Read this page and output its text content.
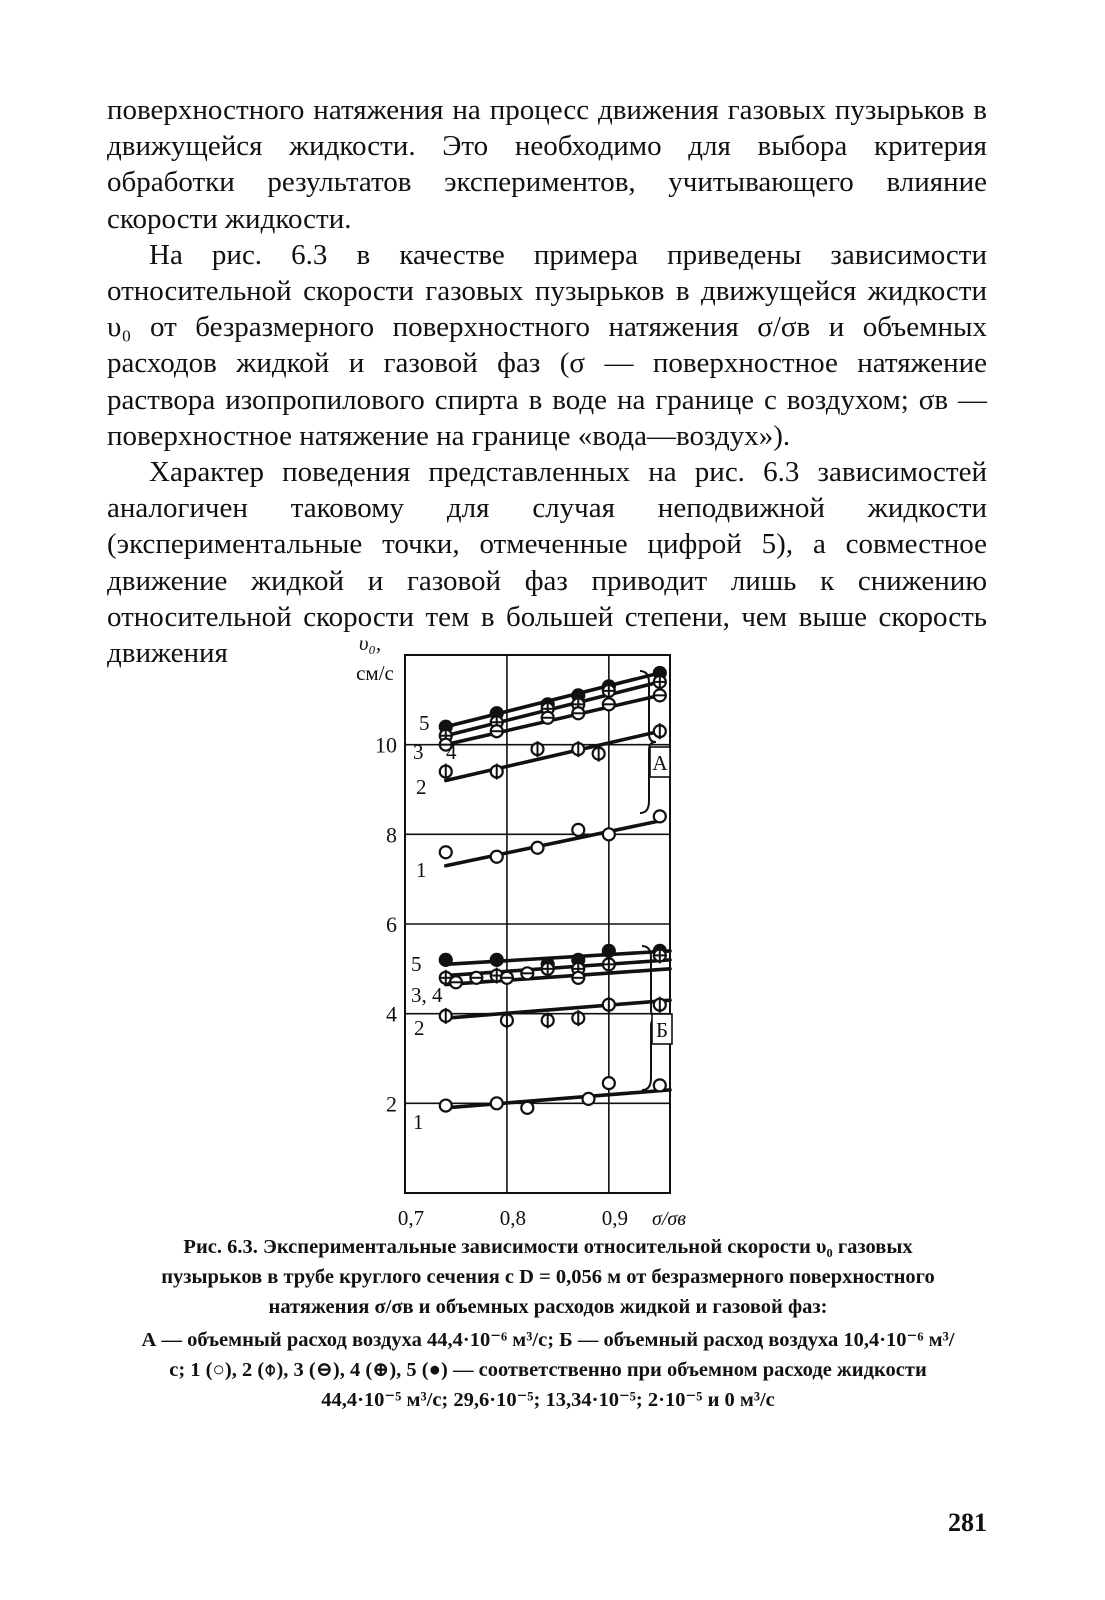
поверхностного натяжения на процесс движения газовых пузырьков в движущейся жидкости. Это необходимо для выбора критерия обработки результатов экспериментов, учитывающего влияние скорости жидкости.

На рис. 6.3 в качестве примера приведены зависимости относительной скорости газовых пузырьков в движущейся жидкости υ₀ от безразмерного поверхностного натяжения σ/σв и объемных расходов жидкой и газовой фаз (σ — поверхностное натяжение раствора изопропилового спирта в воде на границе с воздухом; σв — поверхностное натяжение на границе «вода—воздух»).

Характер поведения представленных на рис. 6.3 зависимостей аналогичен таковому для случая неподвижной жидкости (экспериментальные точки, отмеченные цифрой 5), а совместное движение жидкой и газовой фаз приводит лишь к снижению относительной скорости тем в большей степени, чем выше скорость движения

2
4
6
8
10
0,7	0,8	0,9
υ₀,
см/с
σ/σв
5
3 4
2
1
5
3, 4
2
1
А
Б

Рис. 6.3. Экспериментальные зависимости относительной скорости υ₀ газовых пузырьков в трубе круглого сечения с D = 0,056 м от безразмерного поверхностного натяжения σ/σв и объемных расходов жидкой и газовой фаз:

А — объемный расход воздуха 44,4·10⁻⁶ м³/с; Б — объемный расход воздуха 10,4·10⁻⁶ м³/с; 1 (○), 2 (⌽), 3 (⊖), 4 (⊕), 5 (●) — соответственно при объемном расходе жидкости 44,4·10⁻⁵ м³/с; 29,6·10⁻⁵; 13,34·10⁻⁵; 2·10⁻⁵ и 0 м³/с

281
